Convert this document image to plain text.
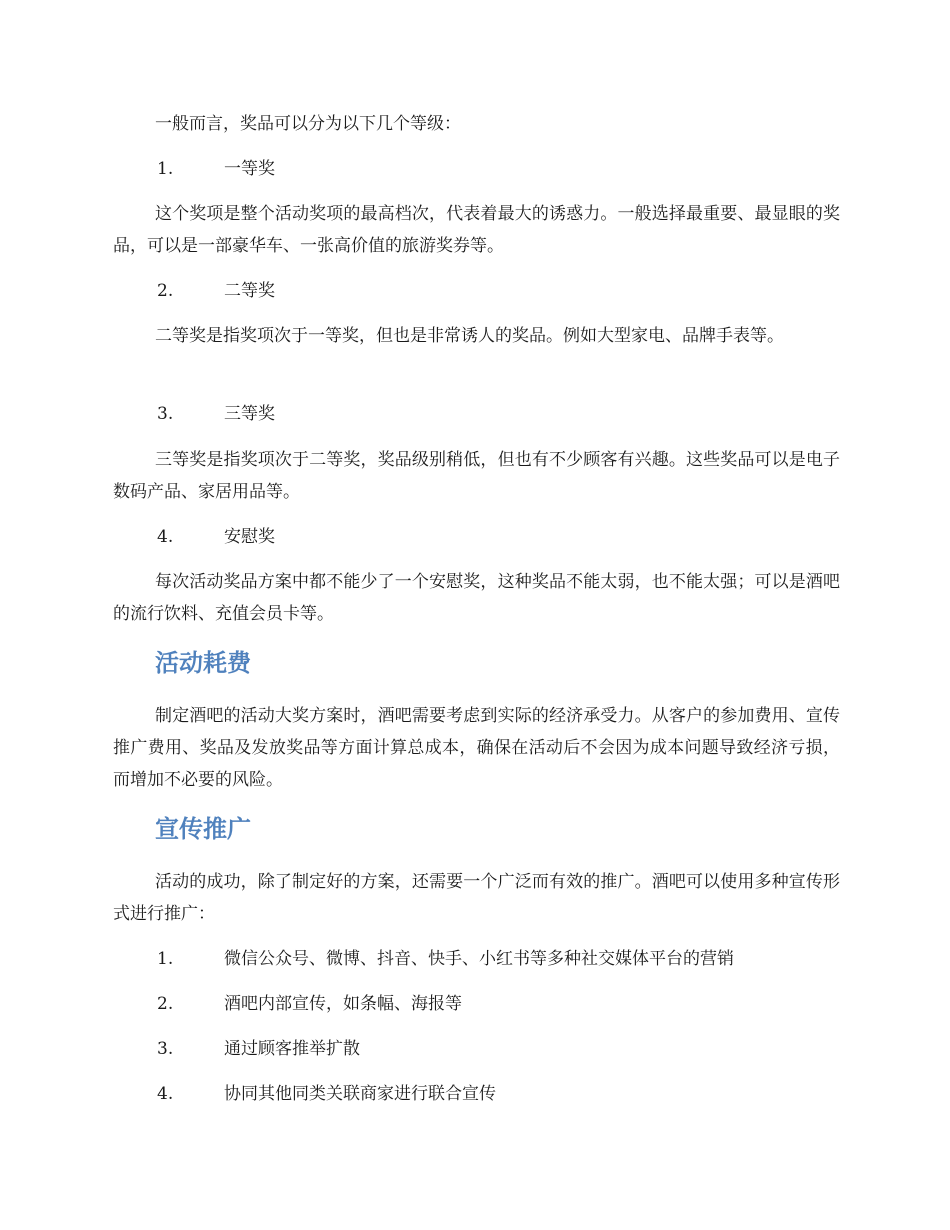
一般而言，奖品可以分为以下几个等级：

1.	一等奖

这个奖项是整个活动奖项的最高档次，代表着最大的诱惑力。一般选择最重要、最显眼的奖品，可以是一部豪华车、一张高价值的旅游奖券等。

2.	二等奖

二等奖是指奖项次于一等奖，但也是非常诱人的奖品。例如大型家电、品牌手表等。

3.	三等奖

三等奖是指奖项次于二等奖，奖品级别稍低，但也有不少顾客有兴趣。这些奖品可以是电子数码产品、家居用品等。

4.	安慰奖

每次活动奖品方案中都不能少了一个安慰奖，这种奖品不能太弱，也不能太强；可以是酒吧的流行饮料、充值会员卡等。

活动耗费

制定酒吧的活动大奖方案时，酒吧需要考虑到实际的经济承受力。从客户的参加费用、宣传推广费用、奖品及发放奖品等方面计算总成本，确保在活动后不会因为成本问题导致经济亏损，而增加不必要的风险。

宣传推广

活动的成功，除了制定好的方案，还需要一个广泛而有效的推广。酒吧可以使用多种宣传形式进行推广：

1.	微信公众号、微博、抖音、快手、小红书等多种社交媒体平台的营销
2.	酒吧内部宣传，如条幅、海报等
3.	通过顾客推举扩散
4.	协同其他同类关联商家进行联合宣传
